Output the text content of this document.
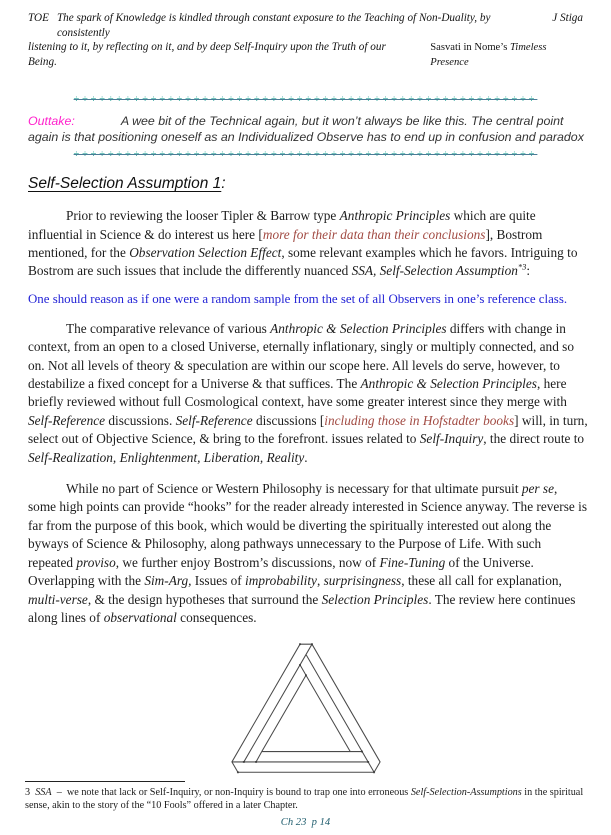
TOE The spark of Knowledge is kindled through constant exposure to the Teaching of Non-Duality, by consistently
J Stiga
listening to it, by reflecting on it, and by deep Self-Inquiry upon the Truth of our Being.
Sasvati in Nome’s Timeless Presence
÷÷÷÷÷÷÷÷÷÷÷÷÷÷÷÷÷÷÷÷÷÷÷÷÷÷÷÷÷÷÷÷÷÷÷÷÷÷÷÷÷÷÷÷÷÷÷÷÷÷÷÷÷÷
Outtake:	A wee bit of the Technical again, but it won’t always be like this. The central point again is that positioning oneself as an Individualized Observe has to end up in confusion and paradox
÷÷÷÷÷÷÷÷÷÷÷÷÷÷÷÷÷÷÷÷÷÷÷÷÷÷÷÷÷÷÷÷÷÷÷÷÷÷÷÷÷÷÷÷÷÷÷÷÷÷÷÷÷÷
Self-Selection Assumption 1:

Prior to reviewing the looser Tipler & Barrow type Anthropic Principles which are quite influential in Science & do interest us here [more for their data than their conclusions], Bostrom mentioned, for the Observation Selection Effect, some relevant examples which he favors. Intriguing to Bostrom are such issues that include the differently nuanced SSA, Self-Selection Assumption$^{*3}$:

One should reason as if one were a random sample from the set of all Observers in one’s reference class.

The comparative relevance of various Anthropic & Selection Principles differs with change in context, from an open to a closed Universe, eternally inflationary, singly or multiply connected, and so on. Not all levels of theory & speculation are within our scope here. All levels do serve, however, to destabilize a fixed concept for a Universe & that suffices. The Anthropic & Selection Principles, here briefly reviewed without full Cosmological context, have some greater interest since they merge with Self-Reference discussions. Self-Reference discussions [including those in Hofstadter books] will, in turn, select out of Objective Science, & bring to the forefront. issues related to Self-Inquiry, the direct route to Self-Realization, Enlightenment, Liberation, Reality.

While no part of Science or Western Philosophy is necessary for that ultimate pursuit per se, some high points can provide “hooks” for the reader already interested in Science anyway. The reverse is far from the purpose of this book, which would be diverting the spiritually interested out along the byways of Science & Philosophy, along pathways unnecessary to the Purpose of Life. With such repeated proviso, we further enjoy Bostrom’s discussions, now of Fine-Tuning of the Universe. Overlapping with the Sim-Arg, Issues of improbability, surprisingness, these all call for explanation, multi-verse, & the design hypotheses that surround the Selection Principles. The review here continues along lines of observational consequences.

3  SSA  –  we note that lack or Self-Inquiry, or non-Inquiry is bound to trap one into erroneous Self-Selection-Assumptions in the spiritual sense, akin to the story of the “10 Fools” offered in a later Chapter.

Ch 23  p 14
